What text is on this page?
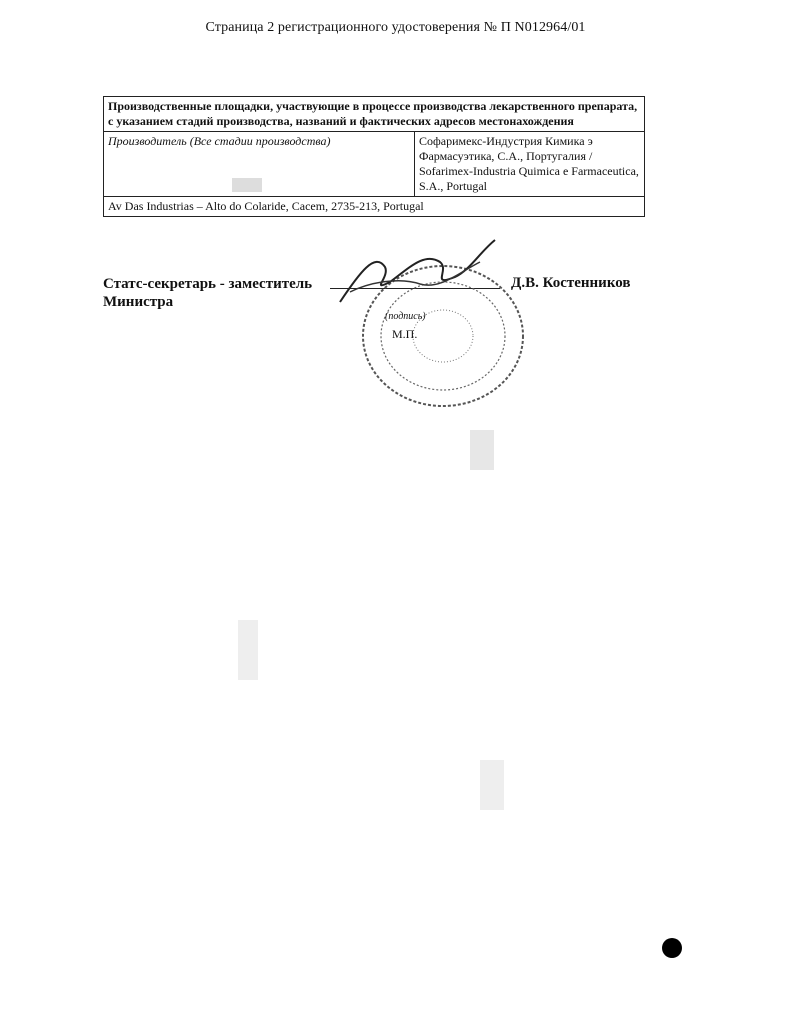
Страница 2 регистрационного удостоверения № П N012964/01
Производственные площадки, участвующие в процессе производства лекарственного препарата, с указанием стадий производства, названий и фактических адресов местонахождения
Производитель (Все стадии производства)	Софаримекс-Индустрия Кимика э Фармасуэтика, С.А., Португалия /
Sofarimex-Industria Quimica e Farmaceutica, S.A., Portugal

Av Das Industrias – Alto do Colaride, Cacem, 2735-213, Portugal
Статс-секретарь - заместитель
Министра
(подпись)
М.П.
Д.В. Костенников
